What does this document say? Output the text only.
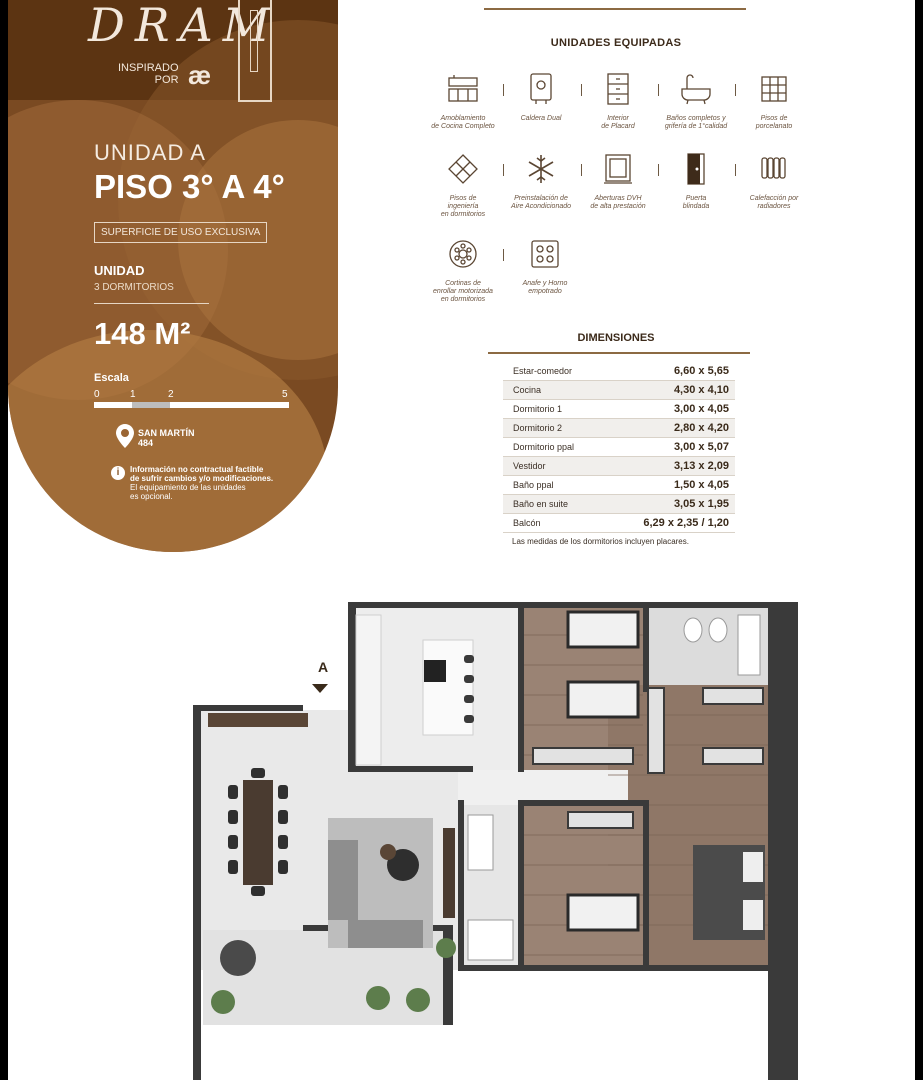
DRAM
INSPIRADO
POR æ
UNIDAD A
PISO 3° A 4°
SUPERFICIE DE USO EXCLUSIVA
UNIDAD
3 DORMITORIOS
148 M²
Escala
0	1	2	5
SAN MARTÍN
484
i	Información no contractual factible
de sufrir cambios y/o modificaciones.
El equipamiento de las unidades
es opcional.
UNIDADES EQUIPADAS
Amoblamiento
de Cocina Completo
Caldera Dual	Interior
de Placard
Baños completos y
grifería de 1°calidad
Pisos de
porcelanato
Pisos de
ingeniería
en dormitorios
Preinstalación de
Aire Acondicionado
Aberturas DVH
de alta prestación
Puerta
blindada
Calefacción por
radiadores
Cortinas de
enrollar motorizada
en dormitorios
Anafe y Horno
empotrado
DIMENSIONES
Estar-comedor	6,60 x 5,65
Cocina	4,30 x 4,10
Dormitorio 1	3,00 x 4,05
Dormitorio 2	2,80 x 4,20
Dormitorio ppal	3,00 x 5,07
Vestidor	3,13 x 2,09
Baño ppal	1,50 x 4,05
Baño en suite	3,05 x 1,95
Balcón	6,29 x 2,35 / 1,20
Las medidas de los dormitorios incluyen placares.
A
